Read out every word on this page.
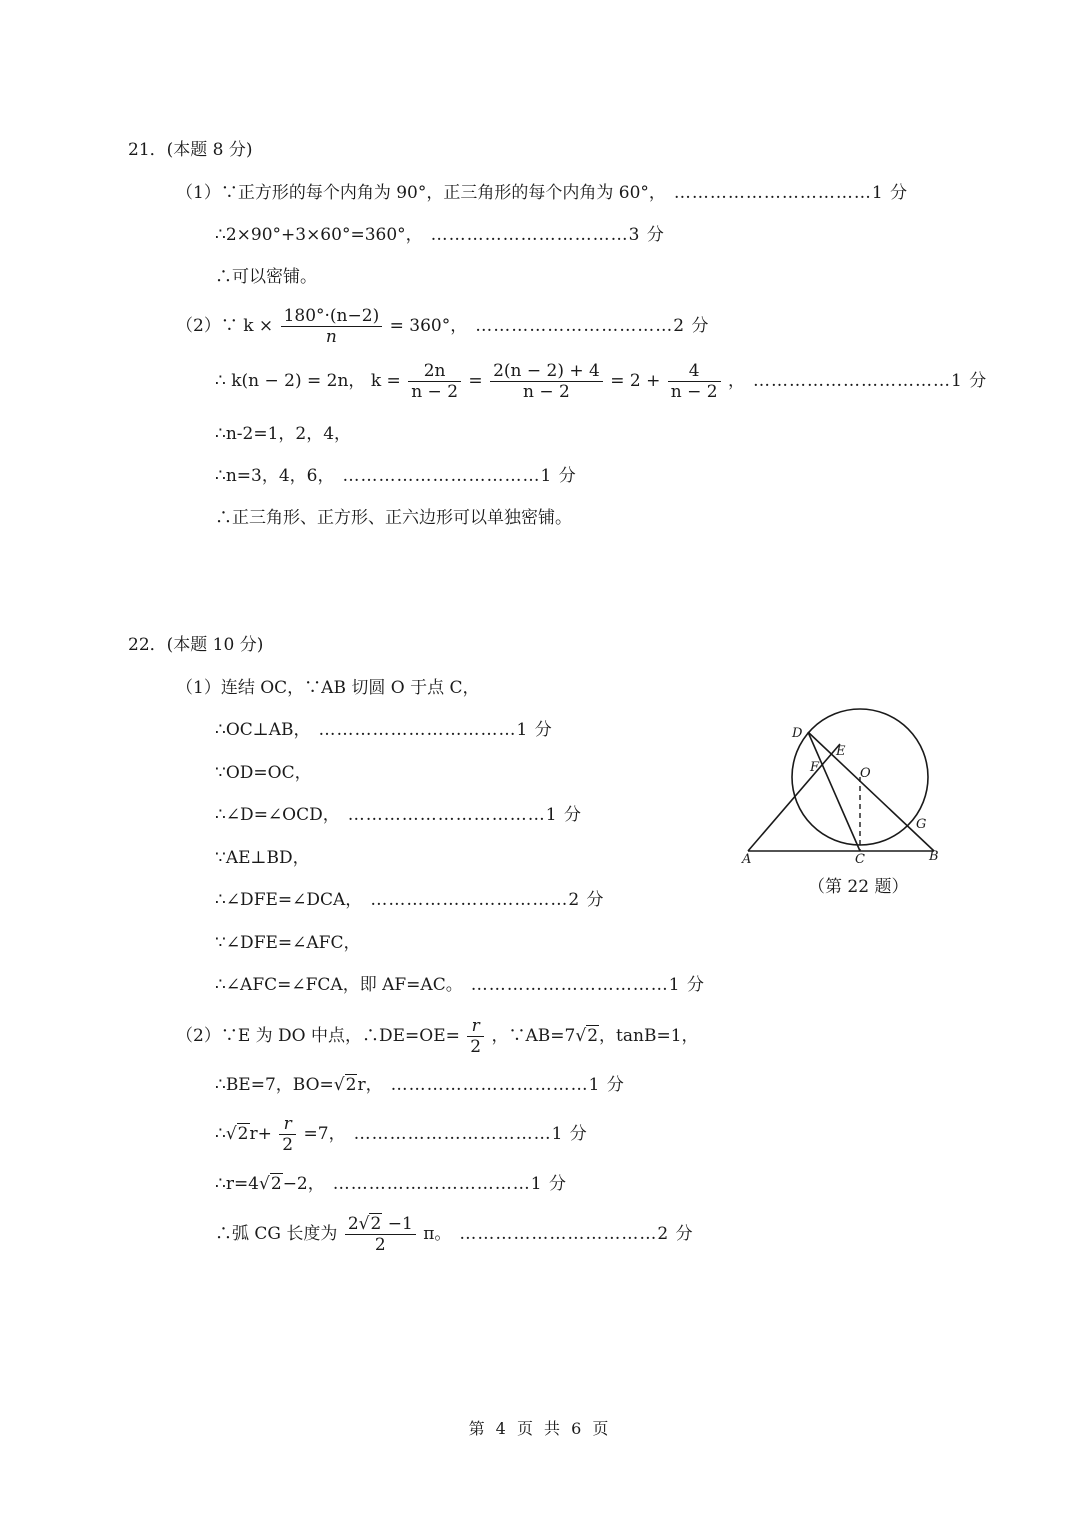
21．(本题 8 分)
（1）∵正方形的每个内角为 90°，正三角形的每个内角为 60°， ……………………………1 分
∴2×90°+3×60°=360°， ……………………………3 分
∴可以密铺。
（2）∵ $k \times \frac{180^\circ\cdot(n-2)}{n} = 360^\circ$， ……………………………2 分
∴ k(n − 2) = 2n， $k = \frac{2n}{n - 2} = \frac{2(n - 2) + 4}{n - 2} = 2 + \frac{4}{n - 2}$ ， ……………………………1 分
∴n-2=1，2，4，
∴n=3，4，6， ……………………………1 分
∴正三角形、正方形、正六边形可以单独密铺。
22．(本题 10 分)
（1）连结 OC，∵AB 切圆 O 于点 C，
∴OC⊥AB， ……………………………1 分
∵OD=OC，
∴∠D=∠OCD， ……………………………1 分
∵AE⊥BD，
∴∠DFE=∠DCA， ……………………………2 分
∵∠DFE=∠AFC，
∴∠AFC=∠FCA，即 AF=AC。 ……………………………1 分
（2）∵E 为 DO 中点，∴DE=OE= $\frac{r}{2}$ ，∵AB=7√2，tanB=1，
∴BE=7，BO=√2r， ……………………………1 分
∴√2r+ $\frac{r}{2} =7$， ……………………………1 分
∴r=4√2−2， ……………………………1 分
∴弧 CG 长度为 $\frac{2√2 -1}{2}$ π。 ……………………………2 分
D
E
F	O
G
A	C	B
（第 22 题）
第 4 页 共 6 页
